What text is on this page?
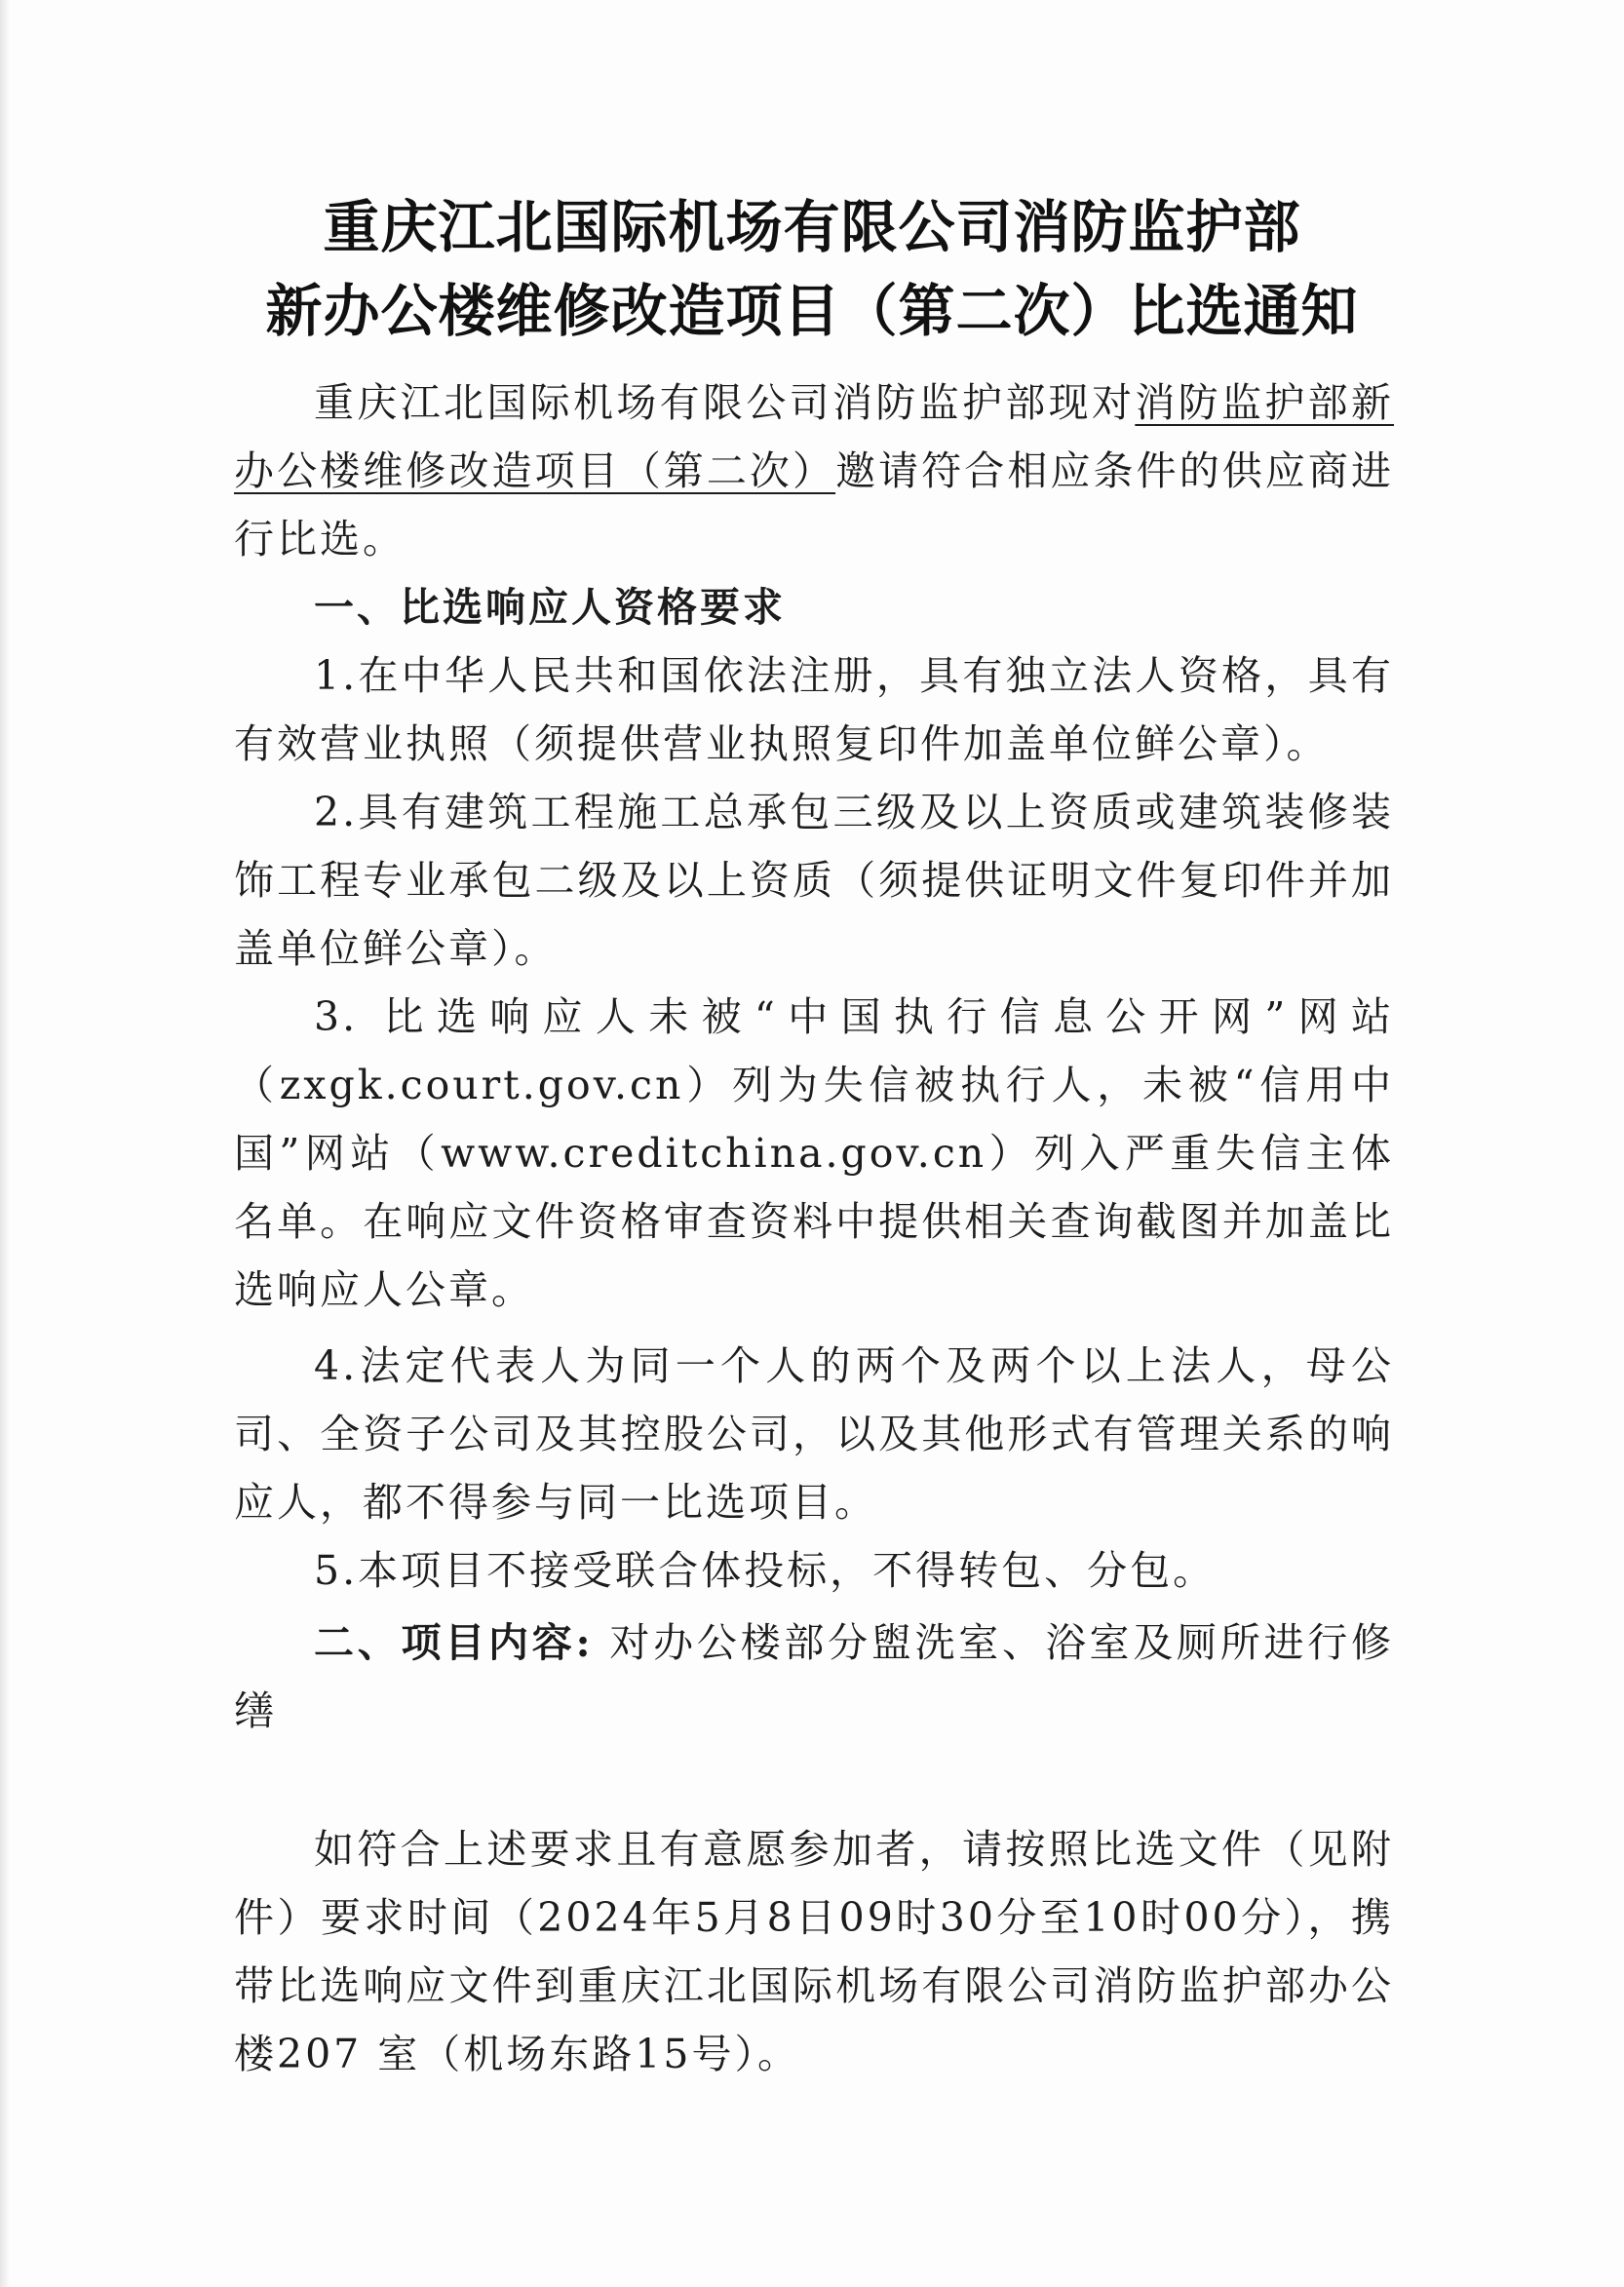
重庆江北国际机场有限公司消防监护部
新办公楼维修改造项目（第二次）比选通知

重庆江北国际机场有限公司消防监护部现对消防监护部新办公楼维修改造项目（第二次）邀请符合相应条件的供应商进行比选。

一、比选响应人资格要求

1.在中华人民共和国依法注册，具有独立法人资格，具有有效营业执照（须提供营业执照复印件加盖单位鲜公章）。

2.具有建筑工程施工总承包三级及以上资质或建筑装修装饰工程专业承包二级及以上资质（须提供证明文件复印件并加盖单位鲜公章）。

3. 比选响应人未被“中国执行信息公开网”网站（zxgk.court.gov.cn）列为失信被执行人，未被“信用中国”网站（www.creditchina.gov.cn）列入严重失信主体名单。在响应文件资格审查资料中提供相关查询截图并加盖比选响应人公章。

4.法定代表人为同一个人的两个及两个以上法人，母公司、全资子公司及其控股公司，以及其他形式有管理关系的响应人，都不得参与同一比选项目。

5.本项目不接受联合体投标，不得转包、分包。

二、项目内容: 对办公楼部分盥洗室、浴室及厕所进行修缮

如符合上述要求且有意愿参加者，请按照比选文件（见附件）要求时间（2024年5月8日09时30分至10时00分），携带比选响应文件到重庆江北国际机场有限公司消防监护部办公楼207 室（机场东路15号）。
